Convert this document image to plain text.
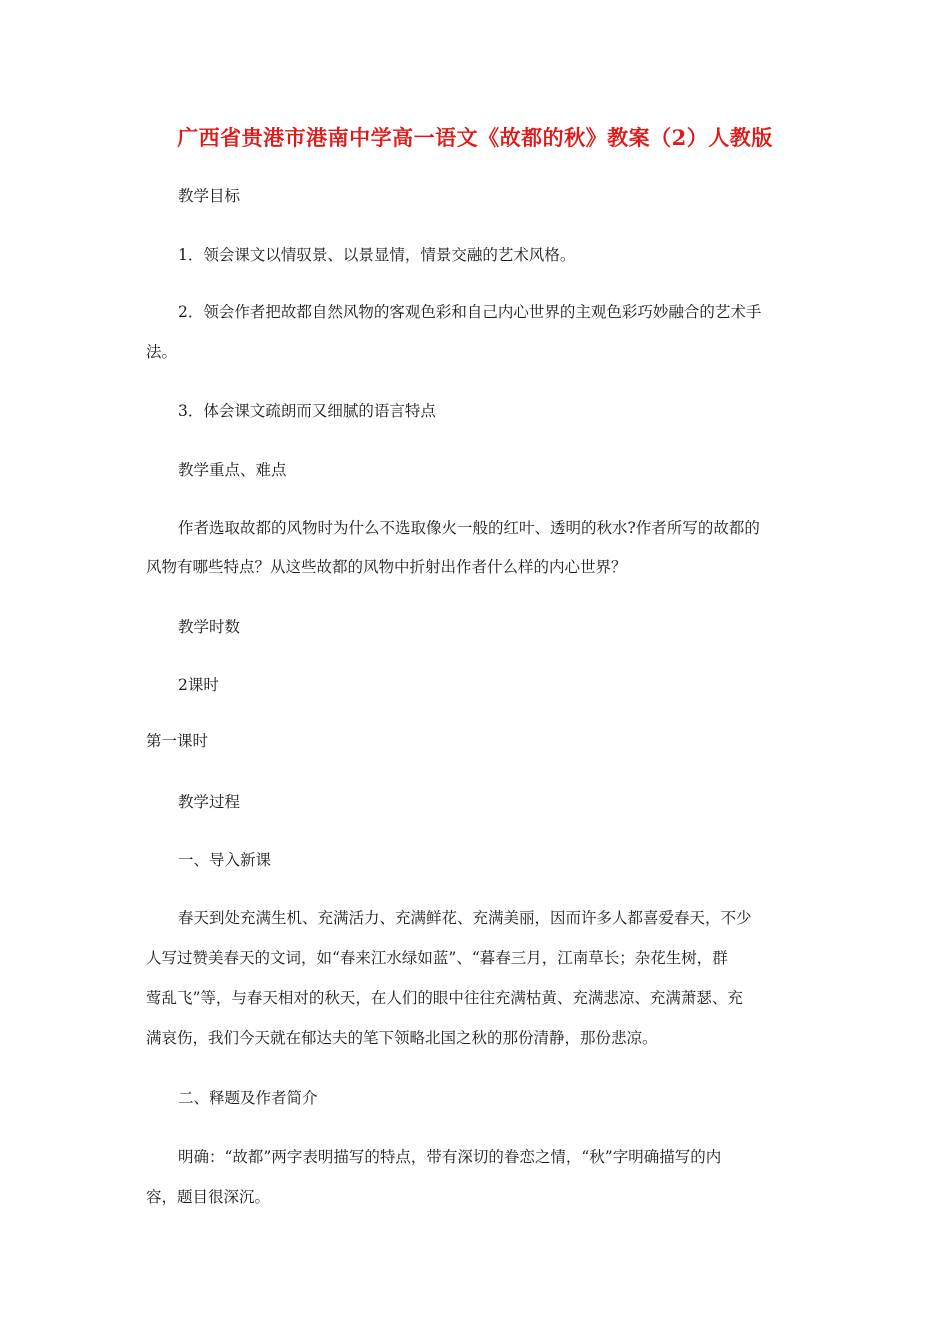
广西省贵港市港南中学高一语文《故都的秋》教案（2）人教版
教学目标
1．领会课文以情驭景、以景显情，情景交融的艺术风格。
2．领会作者把故都自然风物的客观色彩和自己内心世界的主观色彩巧妙融合的艺术手
法。
3．体会课文疏朗而又细腻的语言特点
教学重点、难点
作者选取故都的风物时为什么不选取像火一般的红叶、透明的秋水?作者所写的故都的
风物有哪些特点？从这些故都的风物中折射出作者什么样的内心世界？
教学时数
2课时
第一课时
教学过程
一、导入新课
春天到处充满生机、充满活力、充满鲜花、充满美丽，因而许多人都喜爱春天，不少
人写过赞美春天的文词，如“春来江水绿如蓝”、“暮春三月，江南草长；杂花生树，群
莺乱飞”等，与春天相对的秋天，在人们的眼中往往充满枯黄、充满悲凉、充满萧瑟、充
满哀伤，我们今天就在郁达夫的笔下领略北国之秋的那份清静，那份悲凉。
二、释题及作者简介
明确：“故都”两字表明描写的特点，带有深切的眷恋之情，“秋”字明确描写的内
容，题目很深沉。
